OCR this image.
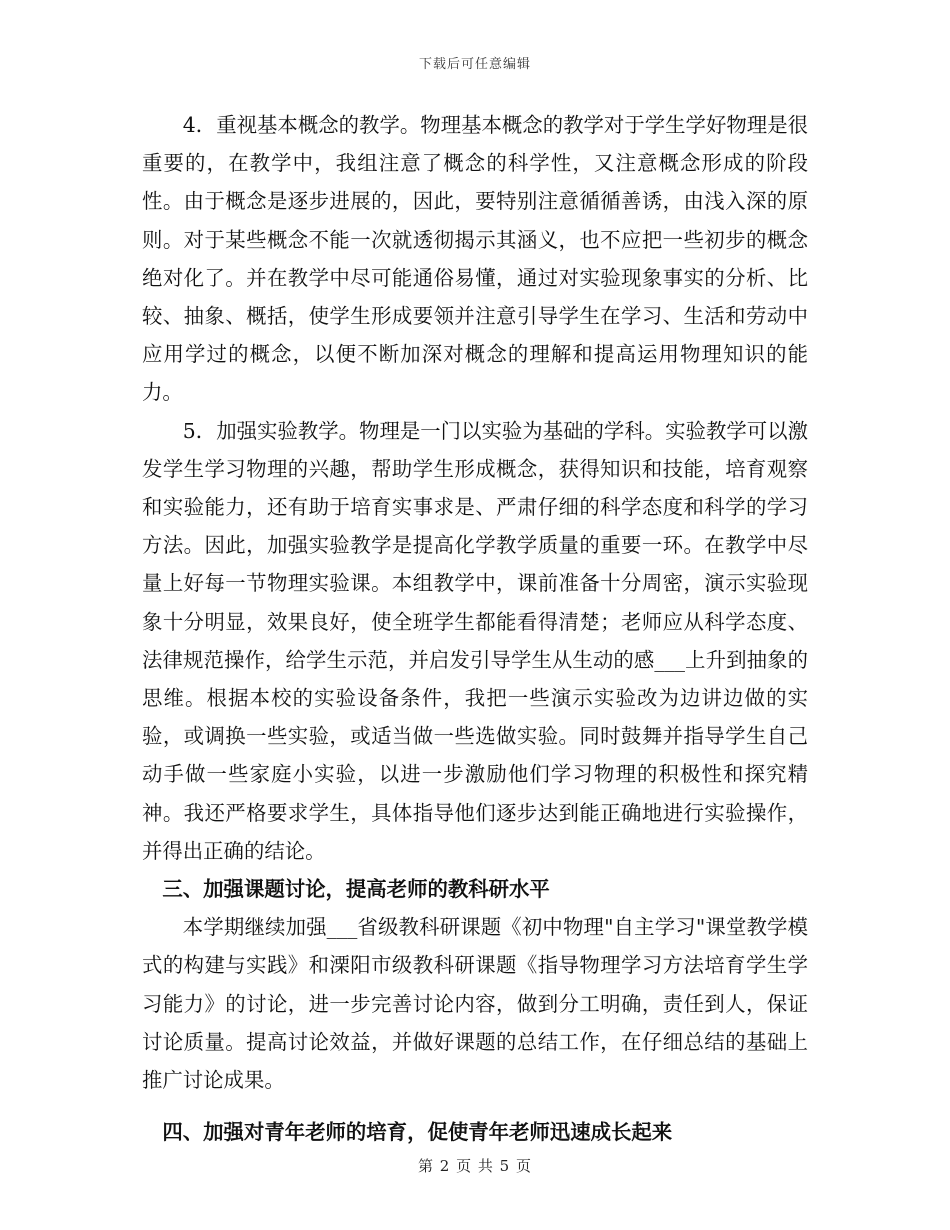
下载后可任意编辑

4．重视基本概念的教学。物理基本概念的教学对于学生学好物理是很重要的，在教学中，我组注意了概念的科学性，又注意概念形成的阶段性。由于概念是逐步进展的，因此，要特别注意循循善诱，由浅入深的原则。对于某些概念不能一次就透彻揭示其涵义，也不应把一些初步的概念绝对化了。并在教学中尽可能通俗易懂，通过对实验现象事实的分析、比较、抽象、概括，使学生形成要领并注意引导学生在学习、生活和劳动中应用学过的概念，以便不断加深对概念的理解和提高运用物理知识的能力。

5．加强实验教学。物理是一门以实验为基础的学科。实验教学可以激发学生学习物理的兴趣，帮助学生形成概念，获得知识和技能，培育观察和实验能力，还有助于培育实事求是、严肃仔细的科学态度和科学的学习方法。因此，加强实验教学是提高化学教学质量的重要一环。在教学中尽量上好每一节物理实验课。本组教学中，课前准备十分周密，演示实验现象十分明显，效果良好，使全班学生都能看得清楚；老师应从科学态度、法律规范操作，给学生示范，并启发引导学生从生动的感___上升到抽象的思维。根据本校的实验设备条件，我把一些演示实验改为边讲边做的实验，或调换一些实验，或适当做一些选做实验。同时鼓舞并指导学生自己动手做一些家庭小实验，以进一步激励他们学习物理的积极性和探究精神。我还严格要求学生，具体指导他们逐步达到能正确地进行实验操作，并得出正确的结论。

三、加强课题讨论，提高老师的教科研水平

本学期继续加强___省级教科研课题《初中物理"自主学习"课堂教学模式的构建与实践》和溧阳市级教科研课题《指导物理学习方法培育学生学习能力》的讨论，进一步完善讨论内容，做到分工明确，责任到人，保证讨论质量。提高讨论效益，并做好课题的总结工作，在仔细总结的基础上推广讨论成果。

四、加强对青年老师的培育，促使青年老师迅速成长起来

第 2 页 共 5 页
